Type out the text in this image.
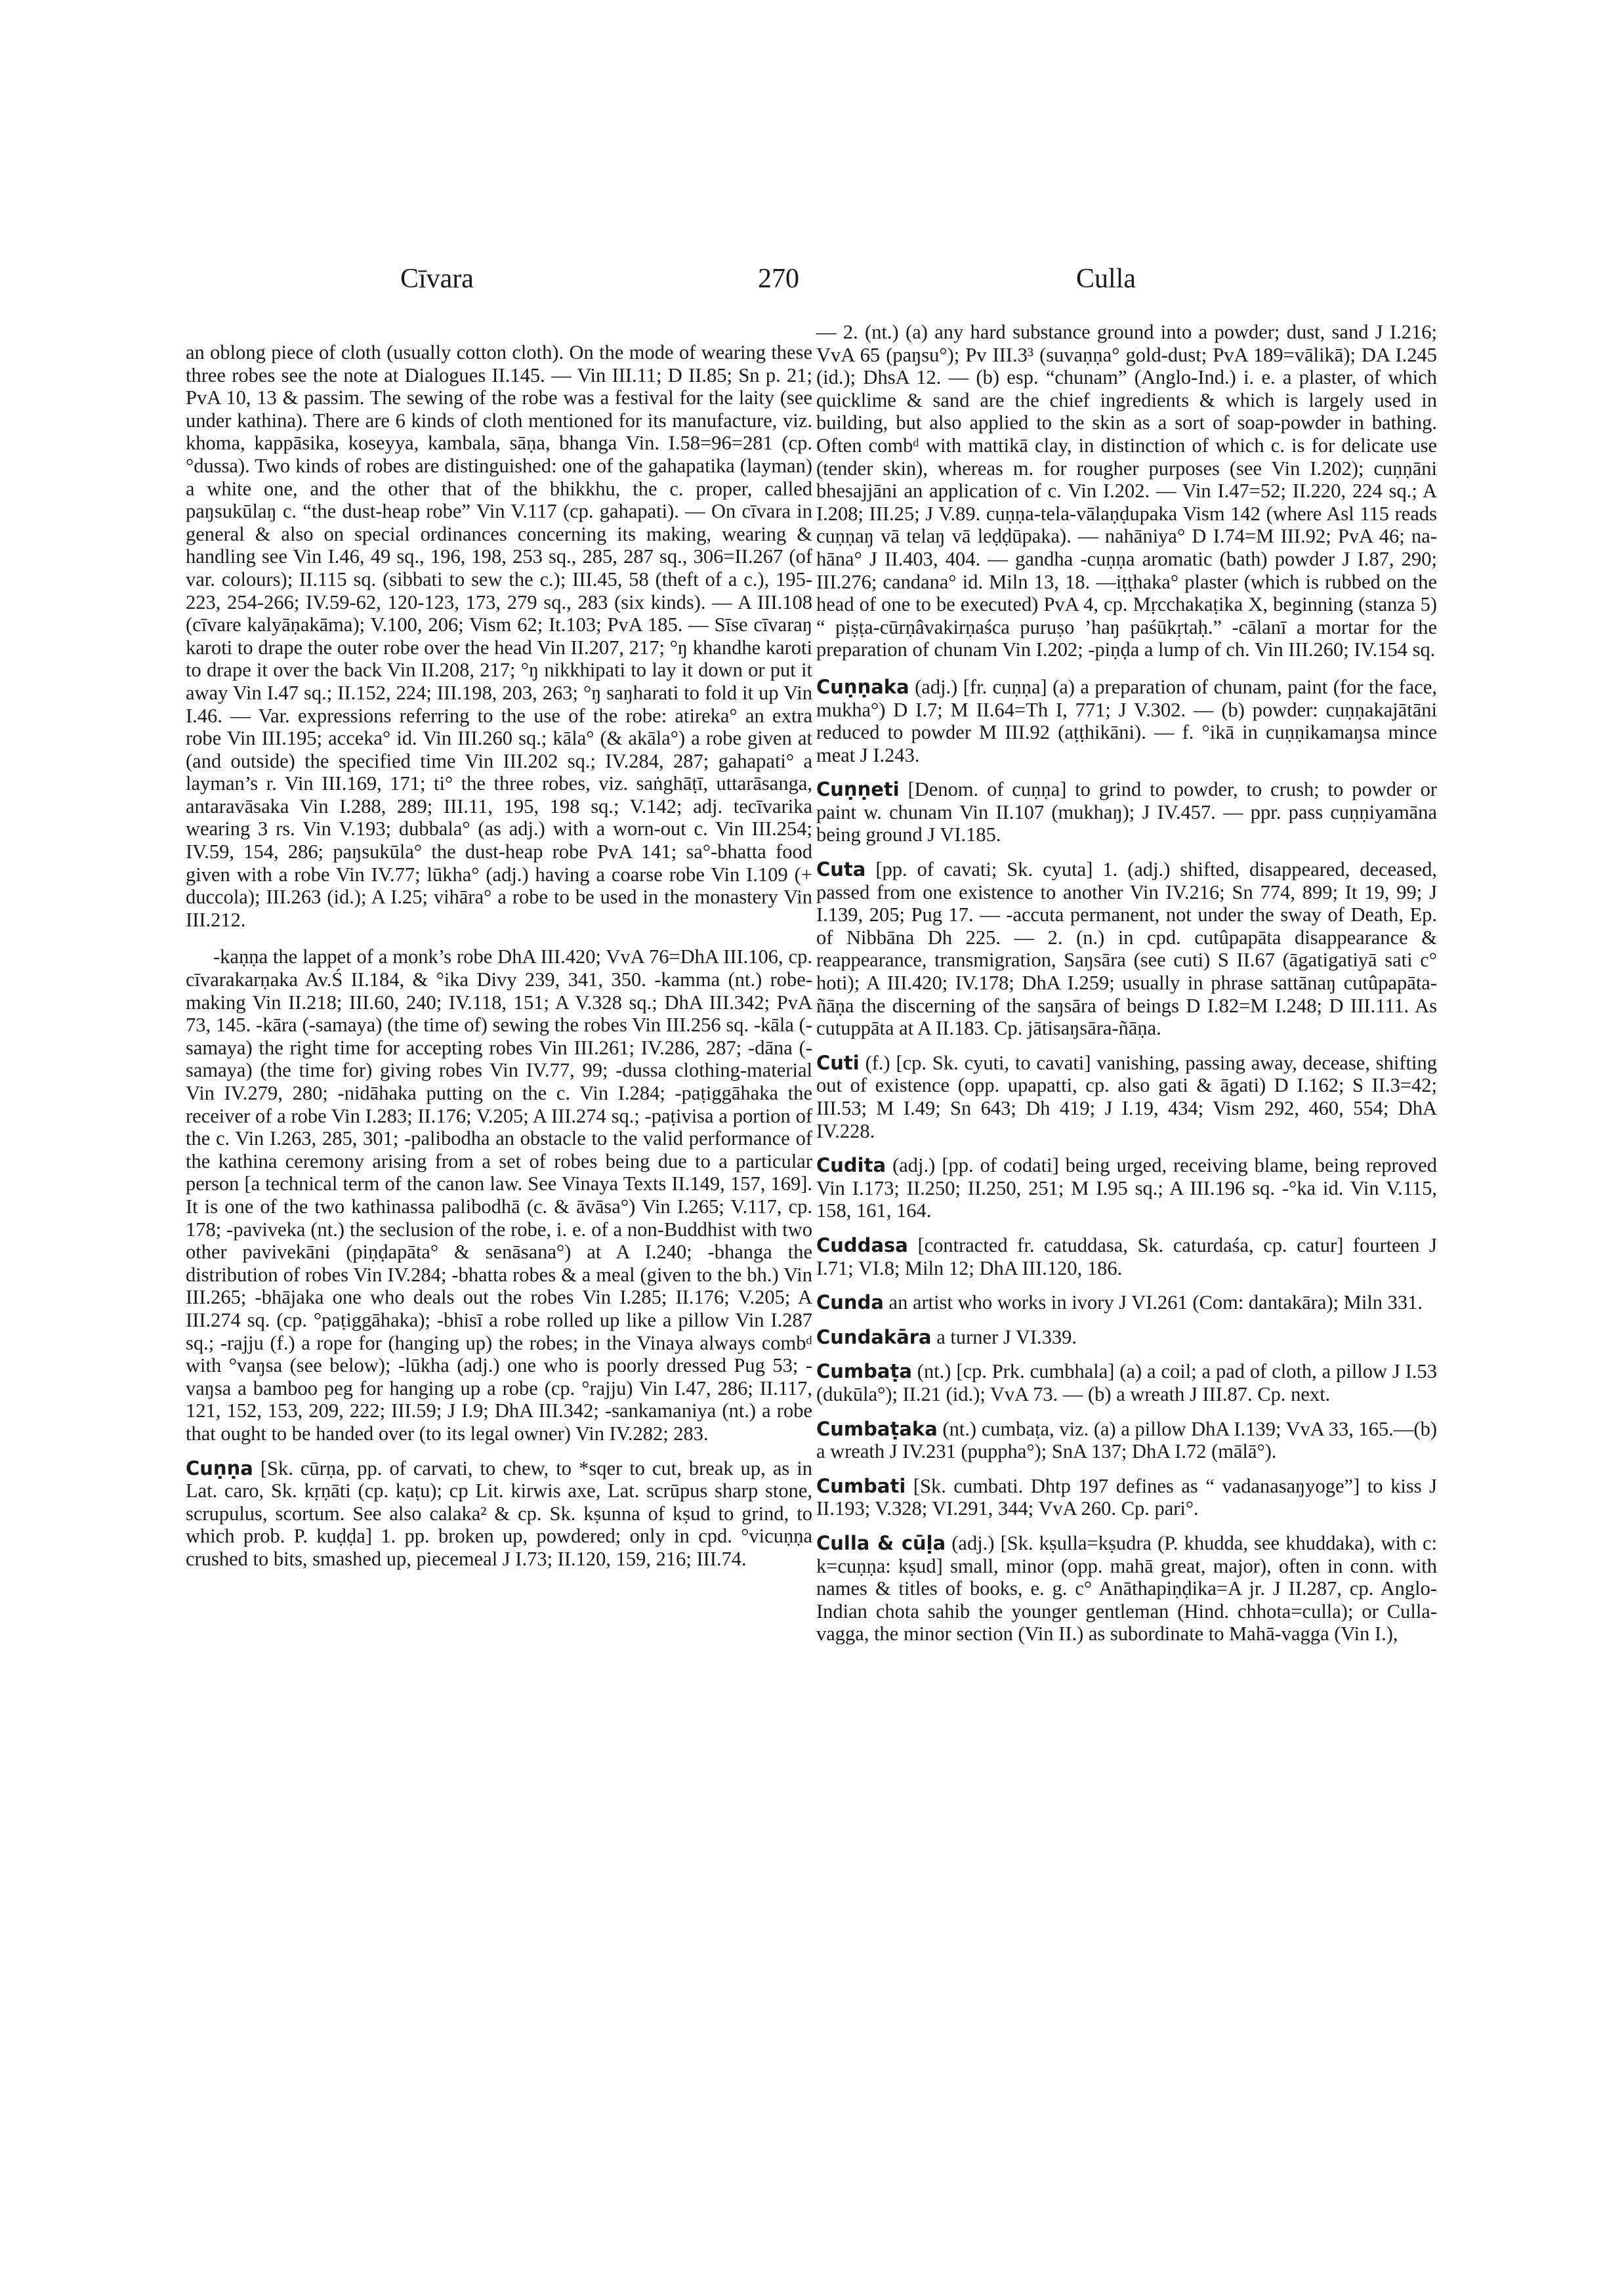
Cīvara	270	Culla

an oblong piece of cloth (usually cotton cloth). On the mode of wearing these three robes see the note at Dialogues II.145. — Vin III.11; D II.85; Sn p. 21; PvA 10, 13 & passim. The sewing of the robe was a festival for the laity (see under kathina). There are 6 kinds of cloth mentioned for its manufacture, viz. khoma, kappāsika, koseyya, kambala, sāṇa, bhanga Vin. I.58=96=281 (cp. °dussa). Two kinds of robes are distinguished: one of the gahapatika (layman) a white one, and the other that of the bhikkhu, the c. proper, called paŋsukūlaŋ c. “the dust-heap robe” Vin V.117 (cp. gahapati). — On cīvara in general & also on special ordinances concerning its making, wearing & handling see Vin I.46, 49 sq., 196, 198, 253 sq., 285, 287 sq., 306=II.267 (of var. colours); II.115 sq. (sibbati to sew the c.); III.45, 58 (theft of a c.), 195-223, 254-266; IV.59-62, 120-123, 173, 279 sq., 283 (six kinds). — A III.108 (cīvare kalyāṇakāma); V.100, 206; Vism 62; It.103; PvA 185. — Sīse cīvaraŋ karoti to drape the outer robe over the head Vin II.207, 217; °ŋ khandhe karoti to drape it over the back Vin II.208, 217; °ŋ nikkhipati to lay it down or put it away Vin I.47 sq.; II.152, 224; III.198, 203, 263; °ŋ saŋharati to fold it up Vin I.46. — Var. expressions referring to the use of the robe: atireka° an extra robe Vin III.195; acceka° id. Vin III.260 sq.; kāla° (& akāla°) a robe given at (and outside) the specified time Vin III.202 sq.; IV.284, 287; gahapati° a layman’s r. Vin III.169, 171; ti° the three robes, viz. saṅghāṭī, uttarāsanga, antaravāsaka Vin I.288, 289; III.11, 195, 198 sq.; V.142; adj. tecīvarika wearing 3 rs. Vin V.193; dubbala° (as adj.) with a worn-out c. Vin III.254; IV.59, 154, 286; paŋsukūla° the dust-heap robe PvA 141; sa°-bhatta food given with a robe Vin IV.77; lūkha° (adj.) having a coarse robe Vin I.109 (+ duccola); III.263 (id.); A I.25; vihāra° a robe to be used in the monastery Vin III.212.

-kaṇṇa the lappet of a monk’s robe DhA III.420; VvA 76=DhA III.106, cp. cīvarakarṇaka Av.Ś II.184, & °ika Divy 239, 341, 350. -kamma (nt.) robe-making Vin II.218; III.60, 240; IV.118, 151; A V.328 sq.; DhA III.342; PvA 73, 145. -kāra (-samaya) (the time of) sewing the robes Vin III.256 sq. -kāla (-samaya) the right time for accepting robes Vin III.261; IV.286, 287; -dāna (-samaya) (the time for) giving robes Vin IV.77, 99; -dussa clothing-material Vin IV.279, 280; -nidāhaka putting on the c. Vin I.284; -paṭiggāhaka the receiver of a robe Vin I.283; II.176; V.205; A III.274 sq.; -paṭivisa a portion of the c. Vin I.263, 285, 301; -palibodha an obstacle to the valid performance of the kathina ceremony arising from a set of robes being due to a particular person [a technical term of the canon law. See Vinaya Texts II.149, 157, 169]. It is one of the two kathinassa palibodhā (c. & āvāsa°) Vin I.265; V.117, cp. 178; -paviveka (nt.) the seclusion of the robe, i. e. of a non-Buddhist with two other pavivekāni (piṇḍapāta° & senāsana°) at A I.240; -bhanga the distribution of robes Vin IV.284; -bhatta robes & a meal (given to the bh.) Vin III.265; -bhājaka one who deals out the robes Vin I.285; II.176; V.205; A III.274 sq. (cp. °paṭiggāhaka); -bhisī a robe rolled up like a pillow Vin I.287 sq.; -rajju (f.) a rope for (hanging up) the robes; in the Vinaya always combᵈ with °vaŋsa (see below); -lūkha (adj.) one who is poorly dressed Pug 53; -vaŋsa a bamboo peg for hanging up a robe (cp. °rajju) Vin I.47, 286; II.117, 121, 152, 153, 209, 222; III.59; J I.9; DhA III.342; -sankamaniya (nt.) a robe that ought to be handed over (to its legal owner) Vin IV.282; 283.

Cuṇṇa [Sk. cūrṇa, pp. of carvati, to chew, to *sqer to cut, break up, as in Lat. caro, Sk. kṛṇāti (cp. kaṭu); cp Lit. kirwis axe, Lat. scrūpus sharp stone, scrupulus, scortum. See also calaka² & cp. Sk. kṣunna of kṣud to grind, to which prob. P. kuḍḍa] 1. pp. broken up, powdered; only in cpd. °vicuṇṇa crushed to bits, smashed up, piecemeal J I.73; II.120, 159, 216; III.74.

— 2. (nt.) (a) any hard substance ground into a powder; dust, sand J I.216; VvA 65 (paŋsu°); Pv III.3³ (suvaṇṇa° gold-dust; PvA 189=vālikā); DA I.245 (id.); DhsA 12. — (b) esp. “chunam” (Anglo-Ind.) i. e. a plaster, of which quicklime & sand are the chief ingredients & which is largely used in building, but also applied to the skin as a sort of soap-powder in bathing. Often combᵈ with mattikā clay, in distinction of which c. is for delicate use (tender skin), whereas m. for rougher purposes (see Vin I.202); cuṇṇāni bhesajjāni an application of c. Vin I.202. — Vin I.47=52; II.220, 224 sq.; A I.208; III.25; J V.89. cuṇṇa-tela-vālaṇḍupaka Vism 142 (where Asl 115 reads cuṇṇaŋ vā telaŋ vā leḍḍūpaka). — nahāniya° D I.74=M III.92; PvA 46; na-hāna° J II.403, 404. — gandha -cuṇṇa aromatic (bath) powder J I.87, 290; III.276; candana° id. Miln 13, 18. —iṭṭhaka° plaster (which is rubbed on the head of one to be executed) PvA 4, cp. Mṛcchakaṭika X, beginning (stanza 5) “ piṣṭa-cūrṇâvakirṇaśca puruṣo ’haŋ paśūkṛtaḥ.” -cālanī a mortar for the preparation of chunam Vin I.202; -piṇḍa a lump of ch. Vin III.260; IV.154 sq.

Cuṇṇaka (adj.) [fr. cuṇṇa] (a) a preparation of chunam, paint (for the face, mukha°) D I.7; M II.64=Th I, 771; J V.302. — (b) powder: cuṇṇakajātāni reduced to powder M III.92 (aṭṭhikāni). — f. °ikā in cuṇṇikamaŋsa mince meat J I.243.

Cuṇṇeti [Denom. of cuṇṇa] to grind to powder, to crush; to powder or paint w. chunam Vin II.107 (mukhaŋ); J IV.457. — ppr. pass cuṇṇiyamāna being ground J VI.185.

Cuta [pp. of cavati; Sk. cyuta] 1. (adj.) shifted, disappeared, deceased, passed from one existence to another Vin IV.216; Sn 774, 899; It 19, 99; J I.139, 205; Pug 17. — -accuta permanent, not under the sway of Death, Ep. of Nibbāna Dh 225. — 2. (n.) in cpd. cutûpapāta disappearance & reappearance, transmigration, Saŋsāra (see cuti) S II.67 (āgatigatiyā sati c° hoti); A III.420; IV.178; DhA I.259; usually in phrase sattānaŋ cutûpapāta-ñāṇa the discerning of the saŋsāra of beings D I.82=M I.248; D III.111. As cutuppāta at A II.183. Cp. jātisaŋsāra-ñāṇa.

Cuti (f.) [cp. Sk. cyuti, to cavati] vanishing, passing away, decease, shifting out of existence (opp. upapatti, cp. also gati & āgati) D I.162; S II.3=42; III.53; M I.49; Sn 643; Dh 419; J I.19, 434; Vism 292, 460, 554; DhA IV.228.

Cudita (adj.) [pp. of codati] being urged, receiving blame, being reproved Vin I.173; II.250; II.250, 251; M I.95 sq.; A III.196 sq. -°ka id. Vin V.115, 158, 161, 164.

Cuddasa [contracted fr. catuddasa, Sk. caturdaśa, cp. catur] fourteen J I.71; VI.8; Miln 12; DhA III.120, 186.

Cunda an artist who works in ivory J VI.261 (Com: dantakāra); Miln 331.

Cundakāra a turner J VI.339.

Cumbaṭa (nt.) [cp. Prk. cumbhala] (a) a coil; a pad of cloth, a pillow J I.53 (dukūla°); II.21 (id.); VvA 73. — (b) a wreath J III.87. Cp. next.

Cumbaṭaka (nt.) cumbaṭa, viz. (a) a pillow DhA I.139; VvA 33, 165.—(b) a wreath J IV.231 (puppha°); SnA 137; DhA I.72 (mālā°).

Cumbati [Sk. cumbati. Dhtp 197 defines as “ vadanasaŋyoge”] to kiss J II.193; V.328; VI.291, 344; VvA 260. Cp. pari°.

Culla & cūḷa (adj.) [Sk. kṣulla=kṣudra (P. khudda, see khuddaka), with c: k=cuṇṇa: kṣud] small, minor (opp. mahā great, major), often in conn. with names & titles of books, e. g. c° Anāthapiṇḍika=A jr. J II.287, cp. Anglo-Indian chota sahib the younger gentleman (Hind. chhota=culla); or Culla-vagga, the minor section (Vin II.) as subordinate to Mahā-vagga (Vin I.),
